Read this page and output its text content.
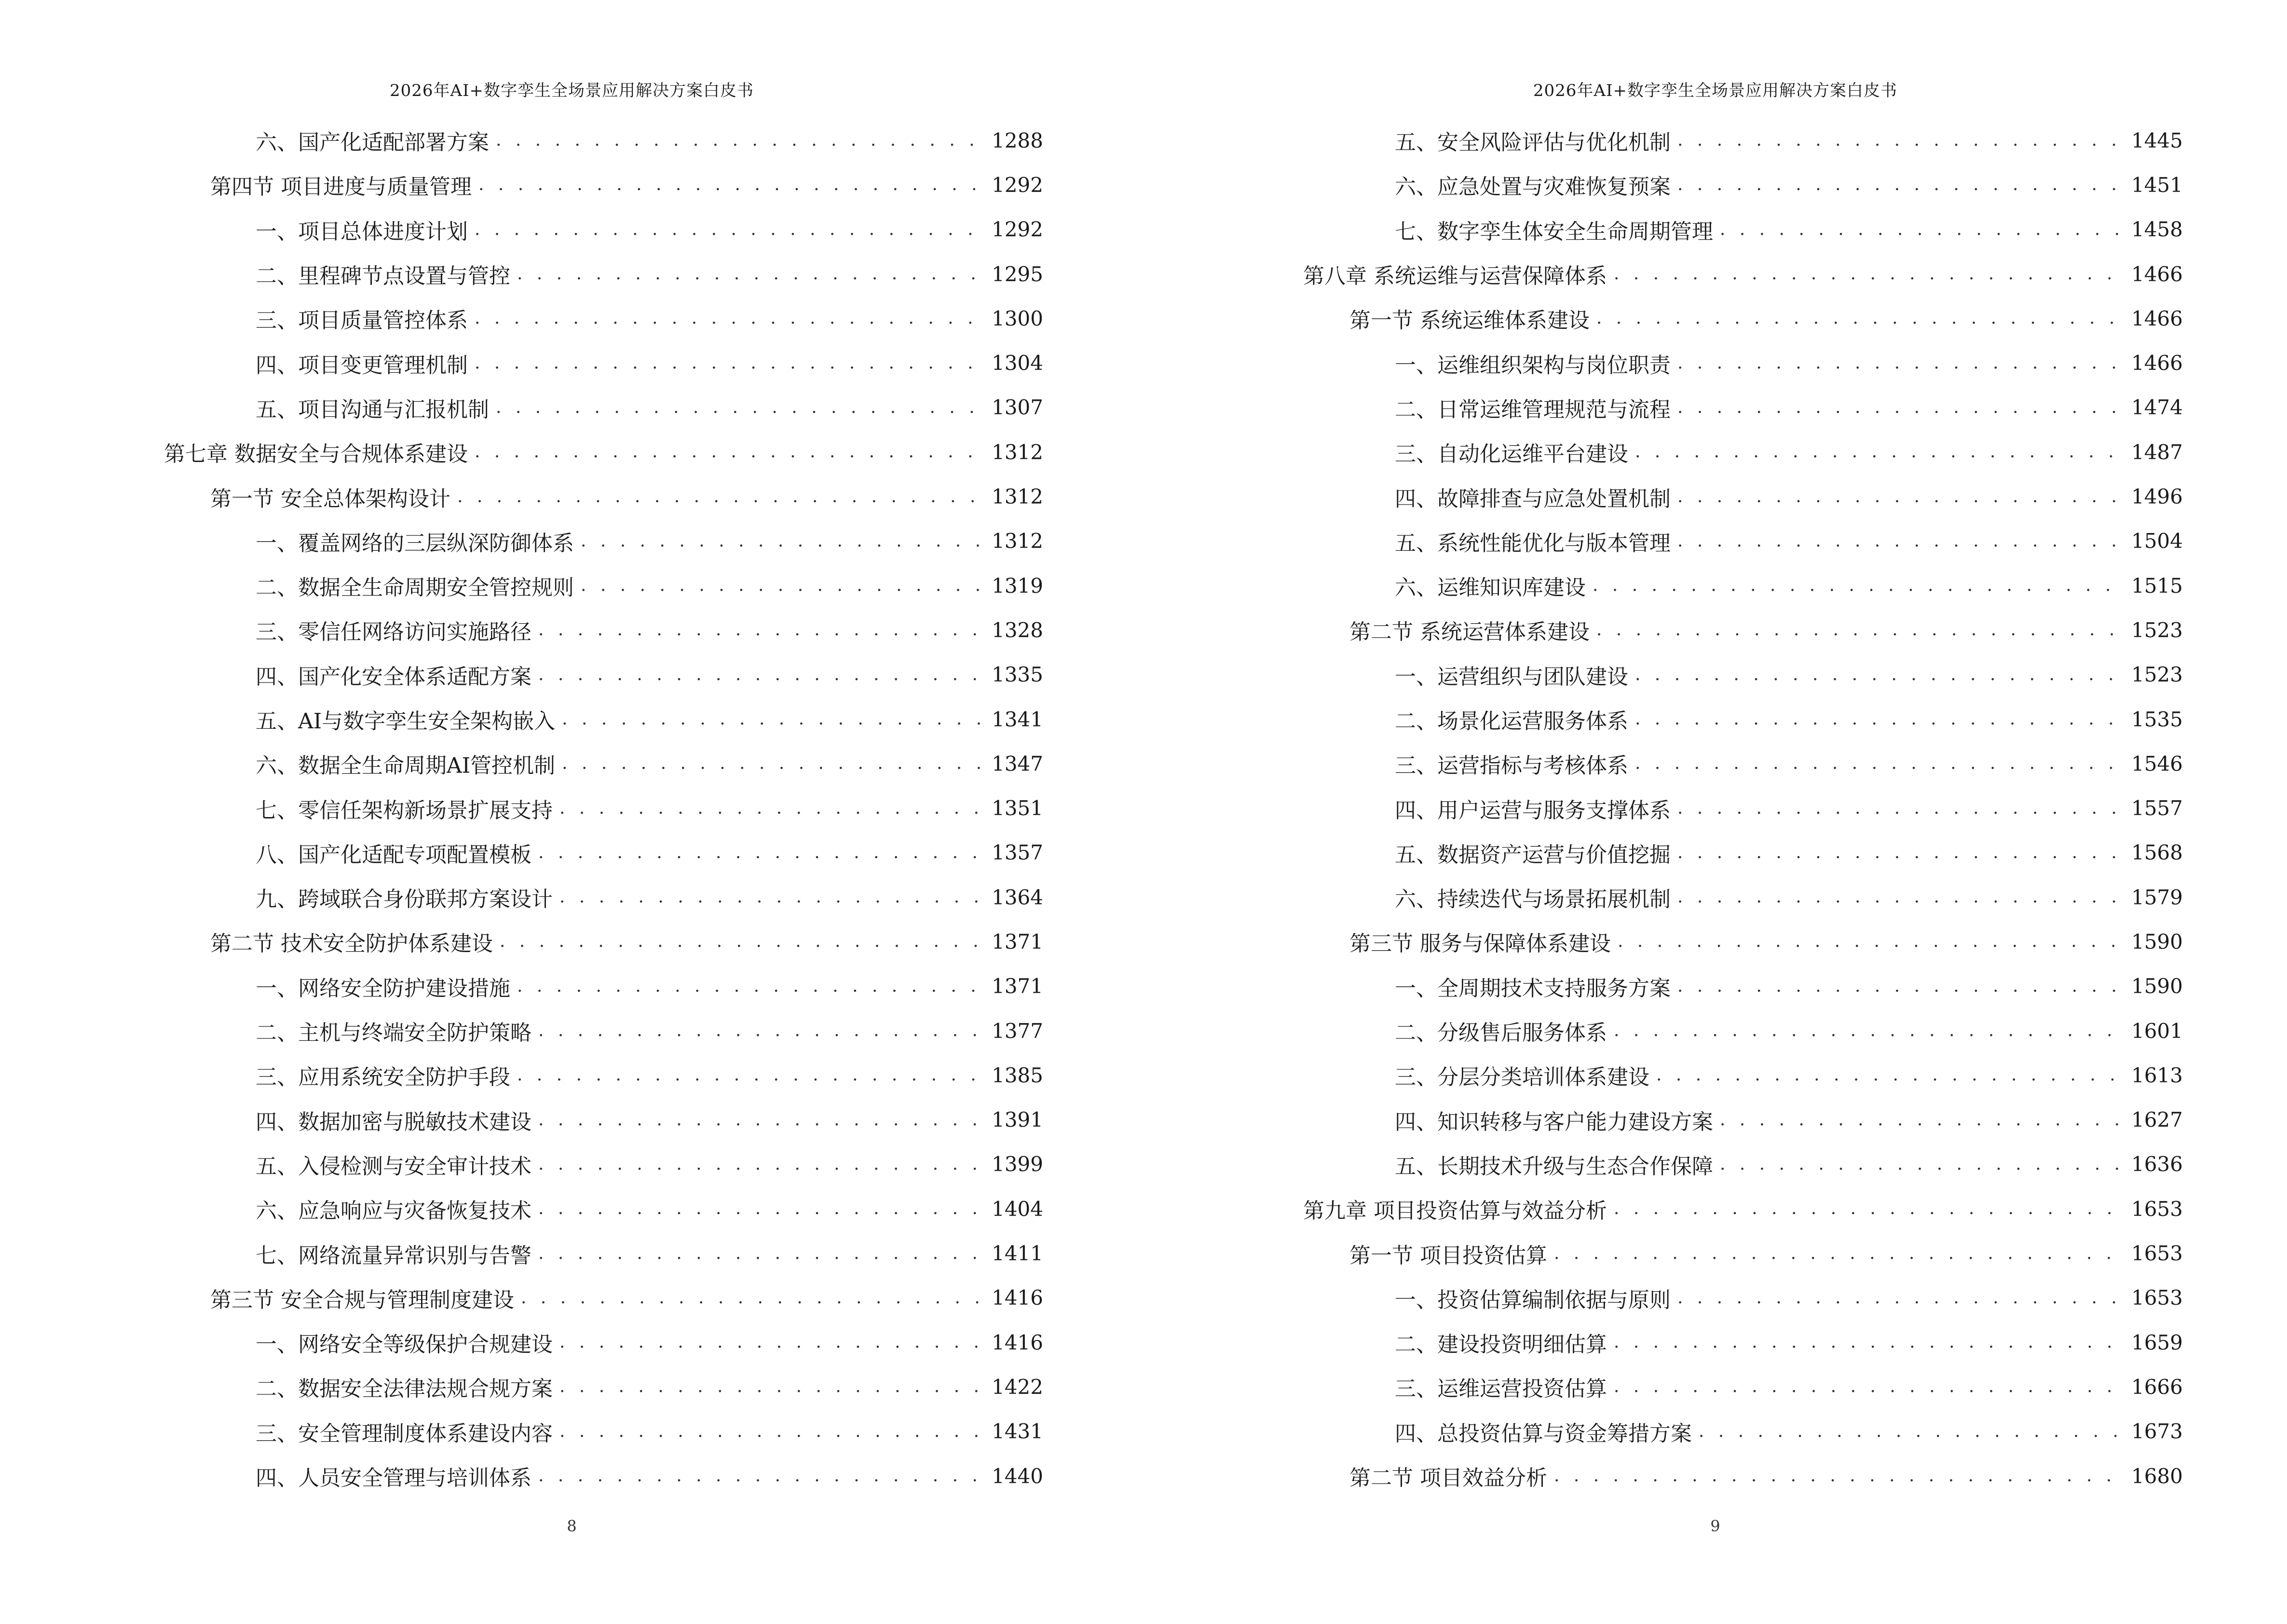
2026年AI+数字孪生全场景应用解决方案白皮书
六、国产化适配部署方案 . . .	1288
第四节 项目进度与质量管理 . . .	1292
一、项目总体进度计划 . . .	1292
二、里程碑节点设置与管控 . . .	1295
三、项目质量管控体系 . . .	1300
四、项目变更管理机制 . . .	1304
五、项目沟通与汇报机制 . . .	1307
第七章 数据安全与合规体系建设 . . .	1312
第一节 安全总体架构设计 . . .	1312
一、覆盖网络的三层纵深防御体系 . . .	1312
二、数据全生命周期安全管控规则 . . .	1319
三、零信任网络访问实施路径 . . .	1328
四、国产化安全体系适配方案 . . .	1335
五、AI与数字孪生安全架构嵌入 . . .	1341
六、数据全生命周期AI管控机制 . . .	1347
七、零信任架构新场景扩展支持 . . .	1351
八、国产化适配专项配置模板 . . .	1357
九、跨域联合身份联邦方案设计 . . .	1364
第二节 技术安全防护体系建设 . . .	1371
一、网络安全防护建设措施 . . .	1371
二、主机与终端安全防护策略 . . .	1377
三、应用系统安全防护手段 . . .	1385
四、数据加密与脱敏技术建设 . . .	1391
五、入侵检测与安全审计技术 . . .	1399
六、应急响应与灾备恢复技术 . . .	1404
七、网络流量异常识别与告警 . . .	1411
第三节 安全合规与管理制度建设 . . .	1416
一、网络安全等级保护合规建设 . . .	1416
二、数据安全法律法规合规方案 . . .	1422
三、安全管理制度体系建设内容 . . .	1431
四、人员安全管理与培训体系 . . .	1440
8
2026年AI+数字孪生全场景应用解决方案白皮书
五、安全风险评估与优化机制 . . .	1445
六、应急处置与灾难恢复预案 . . .	1451
七、数字孪生体安全生命周期管理 . . .	1458
第八章 系统运维与运营保障体系 . . .	1466
第一节 系统运维体系建设 . . .	1466
一、运维组织架构与岗位职责 . . .	1466
二、日常运维管理规范与流程 . . .	1474
三、自动化运维平台建设 . . .	1487
四、故障排查与应急处置机制 . . .	1496
五、系统性能优化与版本管理 . . .	1504
六、运维知识库建设 . . .	1515
第二节 系统运营体系建设 . . .	1523
一、运营组织与团队建设 . . .	1523
二、场景化运营服务体系 . . .	1535
三、运营指标与考核体系 . . .	1546
四、用户运营与服务支撑体系 . . .	1557
五、数据资产运营与价值挖掘 . . .	1568
六、持续迭代与场景拓展机制 . . .	1579
第三节 服务与保障体系建设 . . .	1590
一、全周期技术支持服务方案 . . .	1590
二、分级售后服务体系 . . .	1601
三、分层分类培训体系建设 . . .	1613
四、知识转移与客户能力建设方案 . . .	1627
五、长期技术升级与生态合作保障 . . .	1636
第九章 项目投资估算与效益分析 . . .	1653
第一节 项目投资估算 . . .	1653
一、投资估算编制依据与原则 . . .	1653
二、建设投资明细估算 . . .	1659
三、运维运营投资估算 . . .	1666
四、总投资估算与资金筹措方案 . . .	1673
第二节 项目效益分析 . . .	1680
9
